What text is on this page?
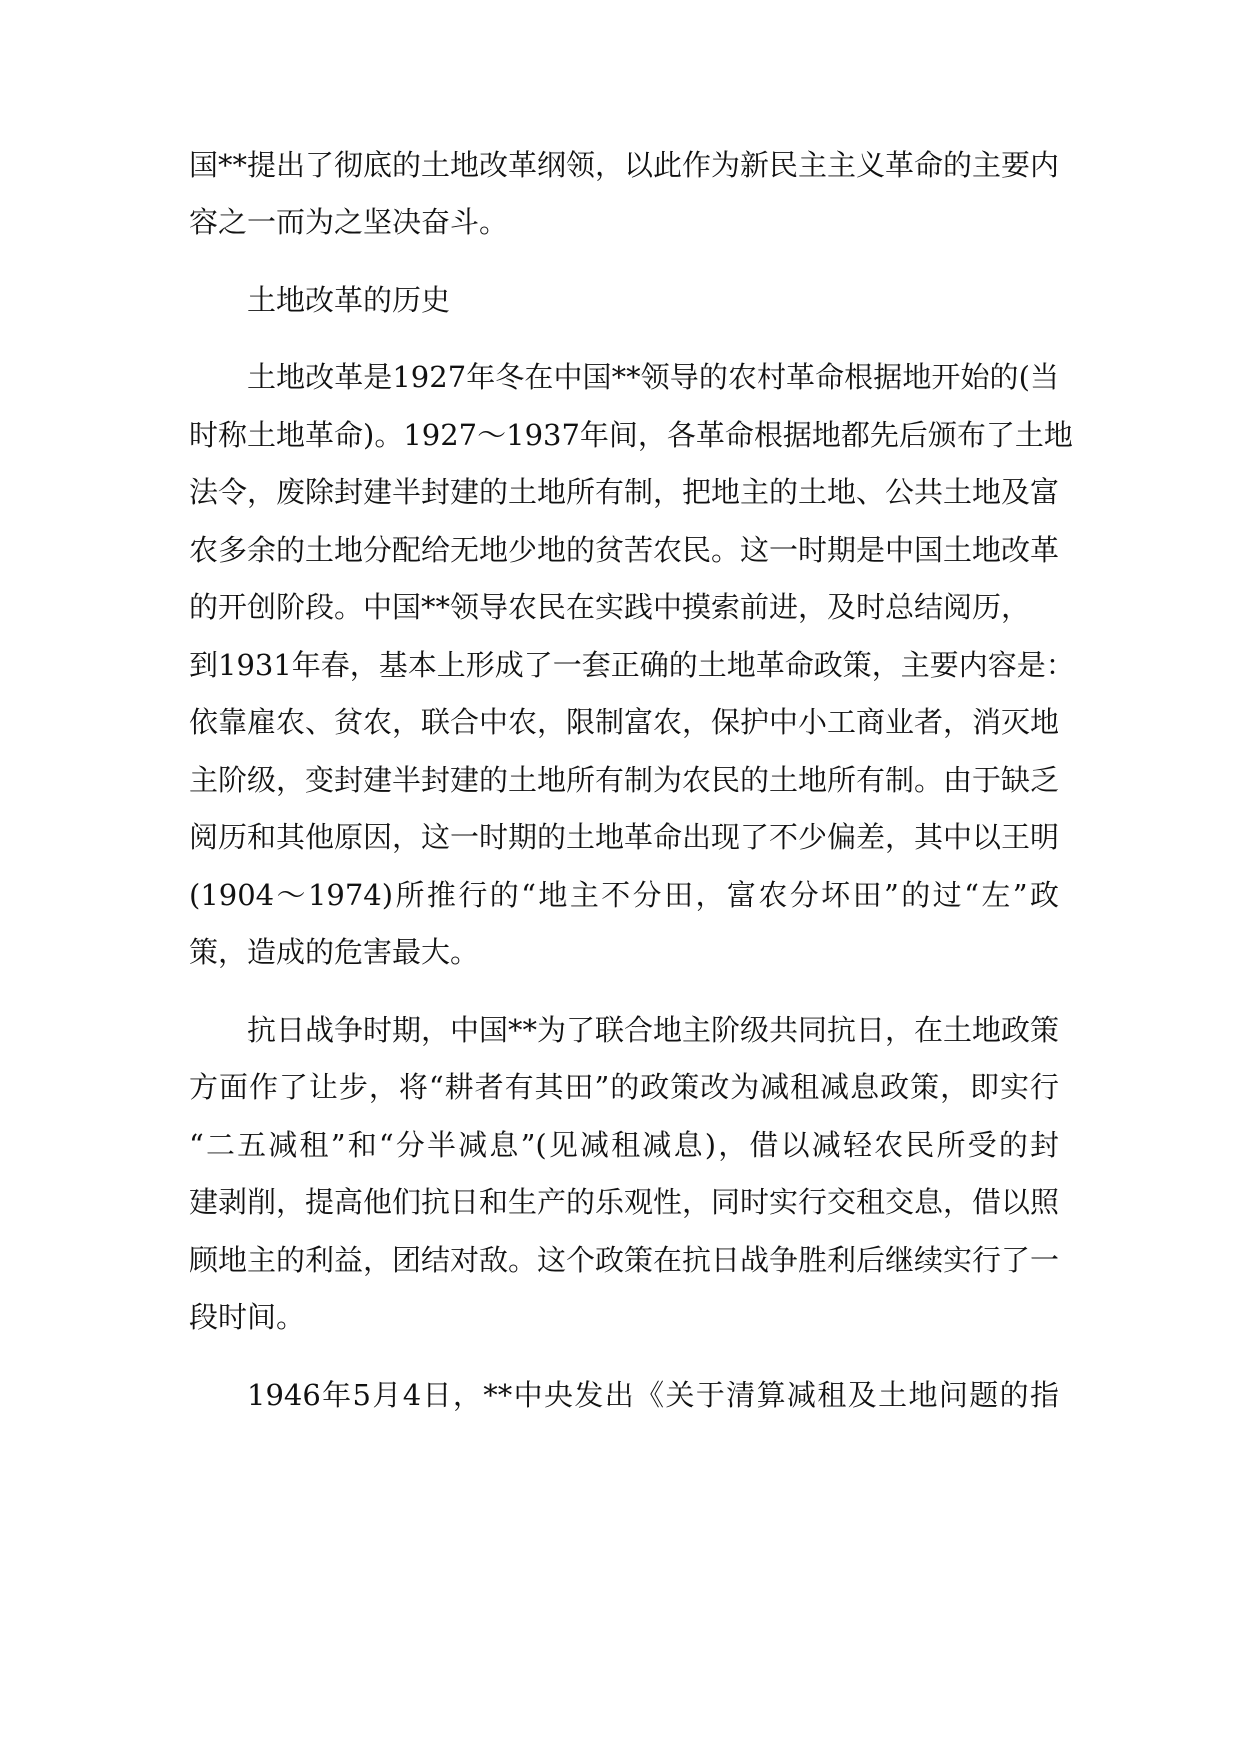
国**提出了彻底的土地改革纲领，以此作为新民主主义革命的主要内
容之一而为之坚决奋斗。
土地改革的历史
土地改革是1927年冬在中国**领导的农村革命根据地开始的(当
时称土地革命)。1927～1937年间，各革命根据地都先后颁布了土地
法令，废除封建半封建的土地所有制，把地主的土地、公共土地及富
农多余的土地分配给无地少地的贫苦农民。这一时期是中国土地改革
的开创阶段。中国**领导农民在实践中摸索前进，及时总结阅历，
到1931年春，基本上形成了一套正确的土地革命政策，主要内容是：
依靠雇农、贫农，联合中农，限制富农，保护中小工商业者，消灭地
主阶级，变封建半封建的土地所有制为农民的土地所有制。由于缺乏
阅历和其他原因，这一时期的土地革命出现了不少偏差，其中以王明
(1904～1974)所推行的“地主不分田，富农分坏田”的过“左”政
策，造成的危害最大。
抗日战争时期，中国**为了联合地主阶级共同抗日，在土地政策
方面作了让步，将“耕者有其田”的政策改为减租减息政策，即实行
“二五减租”和“分半减息”(见减租减息)，借以减轻农民所受的封
建剥削，提高他们抗日和生产的乐观性，同时实行交租交息，借以照
顾地主的利益，团结对敌。这个政策在抗日战争胜利后继续实行了一
段时间。
1946年5月4日，**中央发出《关于清算减租及土地问题的指
